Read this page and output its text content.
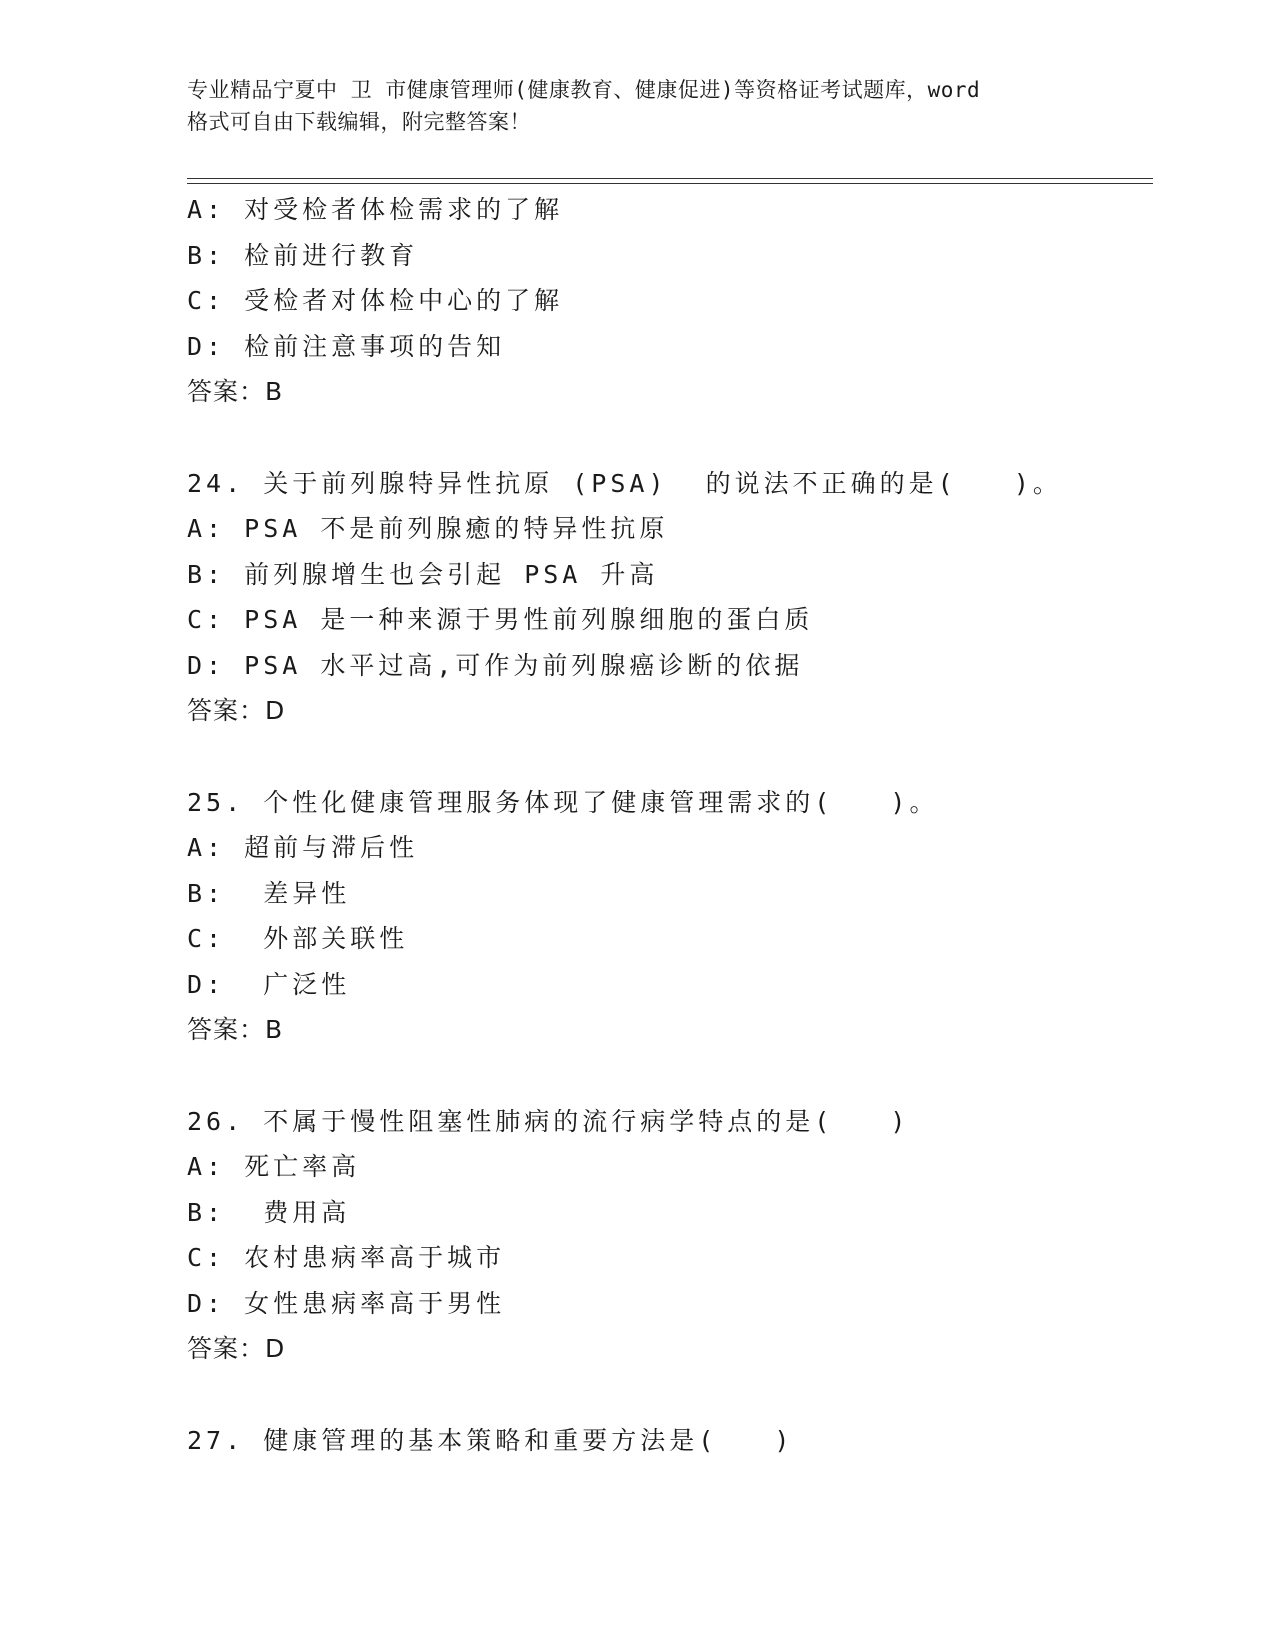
专业精品宁夏中 卫 市健康管理师(健康教育、健康促进)等资格证考试题库，word
格式可自由下载编辑，附完整答案！
A: 对受检者体检需求的了解
B: 检前进行教育
C: 受检者对体检中心的了解
D: 检前注意事项的告知
答案：B
24. 关于前列腺特异性抗原 (PSA)  的说法不正确的是(   )。
A: PSA 不是前列腺癒的特异性抗原
B: 前列腺增生也会引起 PSA 升高
C: PSA 是一种来源于男性前列腺细胞的蛋白质
D: PSA 水平过高,可作为前列腺癌诊断的依据
答案：D
25. 个性化健康管理服务体现了健康管理需求的(   )。
A: 超前与滞后性
B:  差异性
C:  外部关联性
D:  广泛性
答案：B
26. 不属于慢性阻塞性肺病的流行病学特点的是(   )
A: 死亡率高
B:  费用高
C: 农村患病率高于城市
D: 女性患病率高于男性
答案：D
27. 健康管理的基本策略和重要方法是(   )
